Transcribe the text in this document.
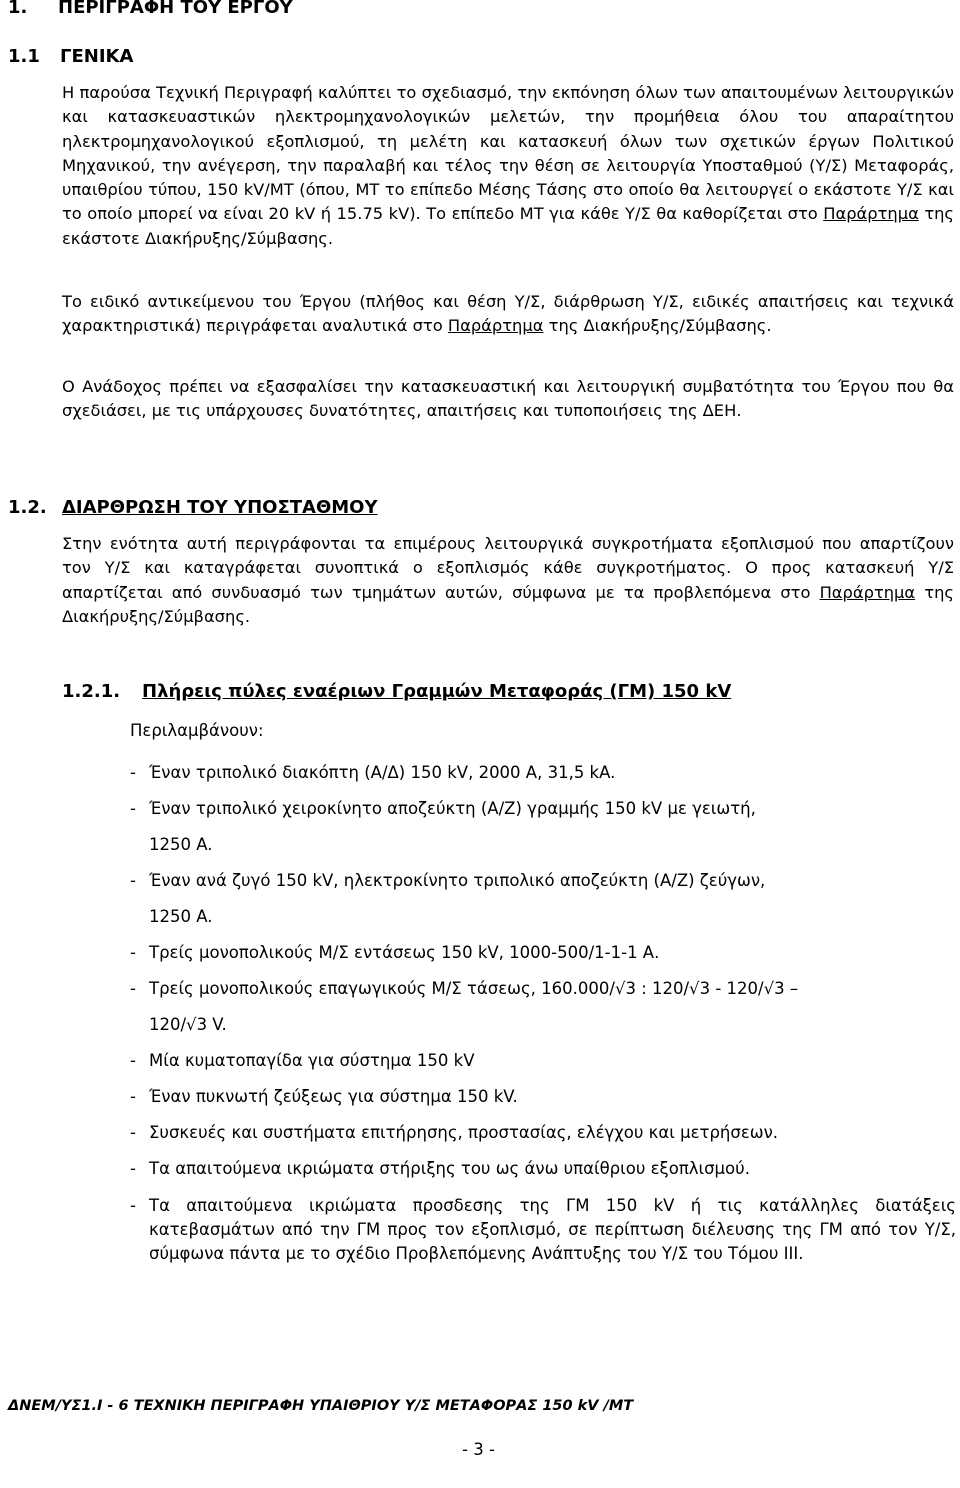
1. ΠΕΡΙΓΡΑΦΗ ΤΟΥ ΕΡΓΟΥ
1.1 ΓΕΝΙΚΑ

Η παρούσα Τεχνική Περιγραφή καλύπτει το σχεδιασμό, την εκπόνηση όλων των απαιτουμένων λειτουργικών και κατασκευαστικών ηλεκτρομηχανολογικών μελετών, την προμήθεια όλου του απαραίτητου ηλεκτρομηχανολογικού εξοπλισμού, τη μελέτη και κατασκευή όλων των σχετικών έργων Πολιτικού Μηχανικού, την ανέγερση, την παραλαβή και τέλος την θέση σε λειτουργία Υποσταθμού (Υ/Σ) Μεταφοράς, υπαιθρίου τύπου, 150 kV/ΜΤ (όπου, ΜΤ το επίπεδο Μέσης Τάσης στο οποίο θα λειτουργεί ο εκάστοτε Υ/Σ και το οποίο μπορεί να είναι 20 kV ή 15.75 kV). Το επίπεδο ΜΤ για κάθε Υ/Σ θα καθορίζεται στο Παράρτημα της εκάστοτε Διακήρυξης/Σύμβασης.

Το ειδικό αντικείμενου του Έργου (πλήθος και θέση Υ/Σ, διάρθρωση Υ/Σ, ειδικές απαιτήσεις και τεχνικά χαρακτηριστικά) περιγράφεται αναλυτικά στο Παράρτημα της Διακήρυξης/Σύμβασης.

Ο Ανάδοχος πρέπει να εξασφαλίσει την κατασκευαστική και λειτουργική συμβατότητα του Έργου που θα σχεδιάσει, με τις υπάρχουσες δυνατότητες, απαιτήσεις και τυποποιήσεις της ΔΕΗ.

1.2. ΔΙΑΡΘΡΩΣΗ ΤΟΥ ΥΠΟΣΤΑΘΜΟΥ

Στην ενότητα αυτή περιγράφονται τα επιμέρους λειτουργικά συγκροτήματα εξοπλισμού που απαρτίζουν τον Υ/Σ και καταγράφεται συνοπτικά ο εξοπλισμός κάθε συγκροτήματος. Ο προς κατασκευή Υ/Σ απαρτίζεται από συνδυασμό των τμημάτων αυτών, σύμφωνα με τα προβλεπόμενα στο Παράρτημα της Διακήρυξης/Σύμβασης.

1.2.1. Πλήρεις πύλες εναέριων Γραμμών Μεταφοράς (ΓΜ) 150 kV

Περιλαμβάνουν:

- Έναν τριπολικό διακόπτη (Α/Δ) 150 kV, 2000 Α, 31,5 kA.
- Έναν τριπολικό χειροκίνητο αποζεύκτη (Α/Ζ) γραμμής 150 kV με γειωτή,
1250 A.
- Έναν ανά ζυγό 150 kV, ηλεκτροκίνητο τριπολικό αποζεύκτη (Α/Ζ) ζεύγων,
1250 A.
- Τρείς μονοπολικούς Μ/Σ εντάσεως 150 kV, 1000-500/1-1-1 Α.
- Τρείς μονοπολικούς επαγωγικούς Μ/Σ τάσεως, 160.000/√3 : 120/√3 - 120/√3 –
120/√3 V.
- Μία κυματοπαγίδα για σύστημα 150 kV
- Έναν πυκνωτή ζεύξεως για σύστημα 150 kV.
- Συσκευές και συστήματα επιτήρησης, προστασίας, ελέγχου και μετρήσεων.
- Τα απαιτούμενα ικριώματα στήριξης του ως άνω υπαίθριου εξοπλισμού.
- Τα απαιτούμενα ικριώματα προσδεσης της ΓΜ 150 kV ή τις κατάλληλες διατάξεις κατεβασμάτων από την ΓΜ προς τον εξοπλισμό, σε περίπτωση διέλευσης της ΓΜ από τον Υ/Σ, σύμφωνα πάντα με το σχέδιο Προβλεπόμενης Ανάπτυξης του Υ/Σ του Τόμου ΙΙΙ.

ΔΝΕΜ/ΥΣ1.Ι - 6 ΤΕΧΝΙΚΗ ΠΕΡΙΓΡΑΦΗ ΥΠΑΙΘΡΙΟΥ Υ/Σ ΜΕΤΑΦΟΡΑΣ 150 kV /ΜΤ

- 3 -
